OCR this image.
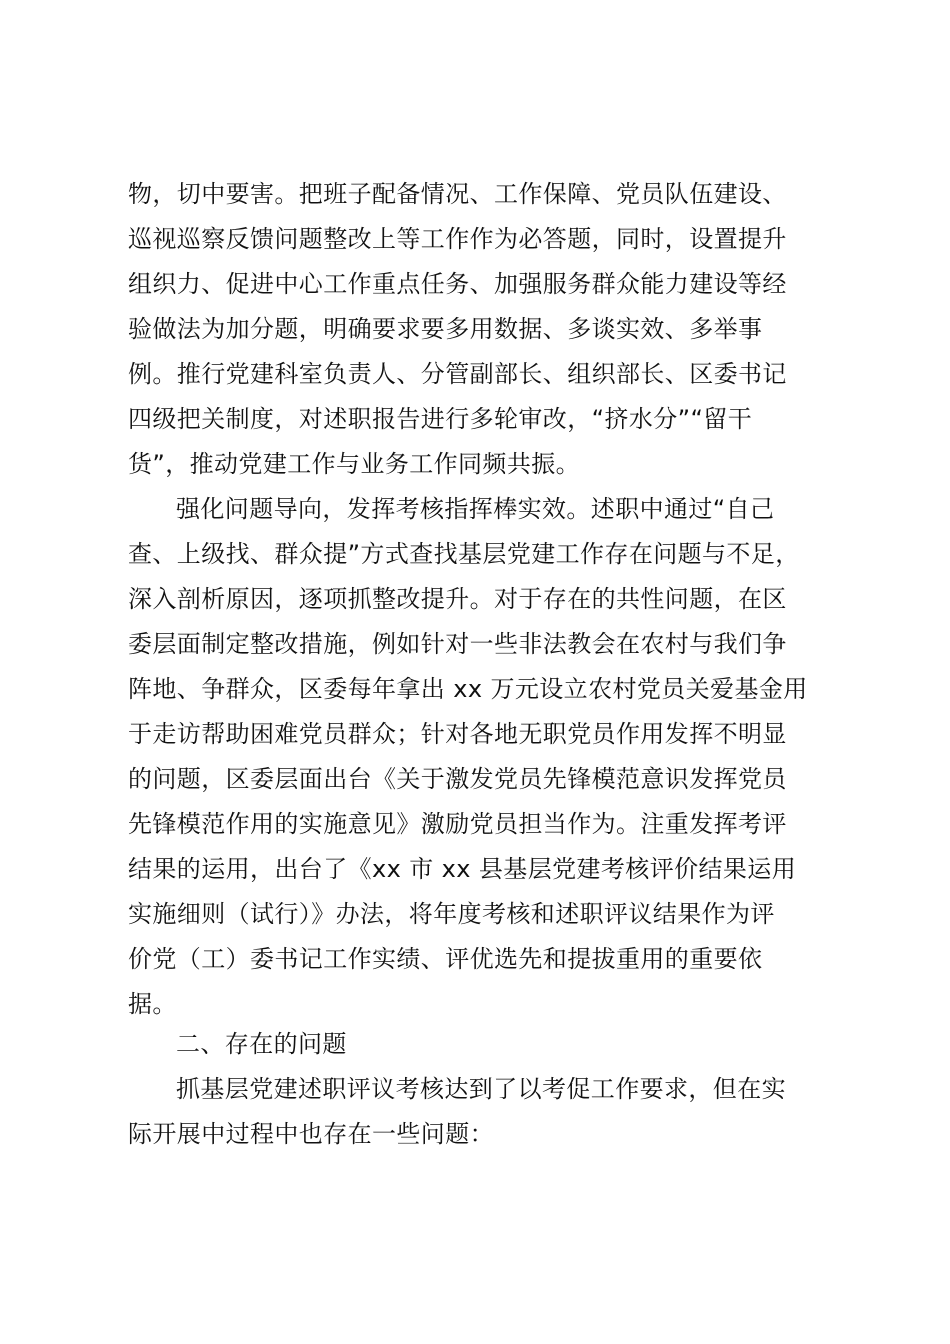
物，切中要害。把班子配备情况、工作保障、党员队伍建设、
巡视巡察反馈问题整改上等工作作为必答题，同时，设置提升
组织力、促进中心工作重点任务、加强服务群众能力建设等经
验做法为加分题，明确要求要多用数据、多谈实效、多举事
例。推行党建科室负责人、分管副部长、组织部长、区委书记
四级把关制度，对述职报告进行多轮审改，“挤水分”“留干
货”，推动党建工作与业务工作同频共振。
强化问题导向，发挥考核指挥棒实效。述职中通过“自己
查、上级找、群众提”方式查找基层党建工作存在问题与不足，
深入剖析原因，逐项抓整改提升。对于存在的共性问题，在区
委层面制定整改措施，例如针对一些非法教会在农村与我们争
阵地、争群众，区委每年拿出 xx 万元设立农村党员关爱基金用
于走访帮助困难党员群众；针对各地无职党员作用发挥不明显
的问题，区委层面出台《关于激发党员先锋模范意识发挥党员
先锋模范作用的实施意见》激励党员担当作为。注重发挥考评
结果的运用，出台了《xx 市 xx 县基层党建考核评价结果运用
实施细则（试行）》办法，将年度考核和述职评议结果作为评
价党（工）委书记工作实绩、评优选先和提拔重用的重要依
据。
二、存在的问题
抓基层党建述职评议考核达到了以考促工作要求，但在实
际开展中过程中也存在一些问题：
